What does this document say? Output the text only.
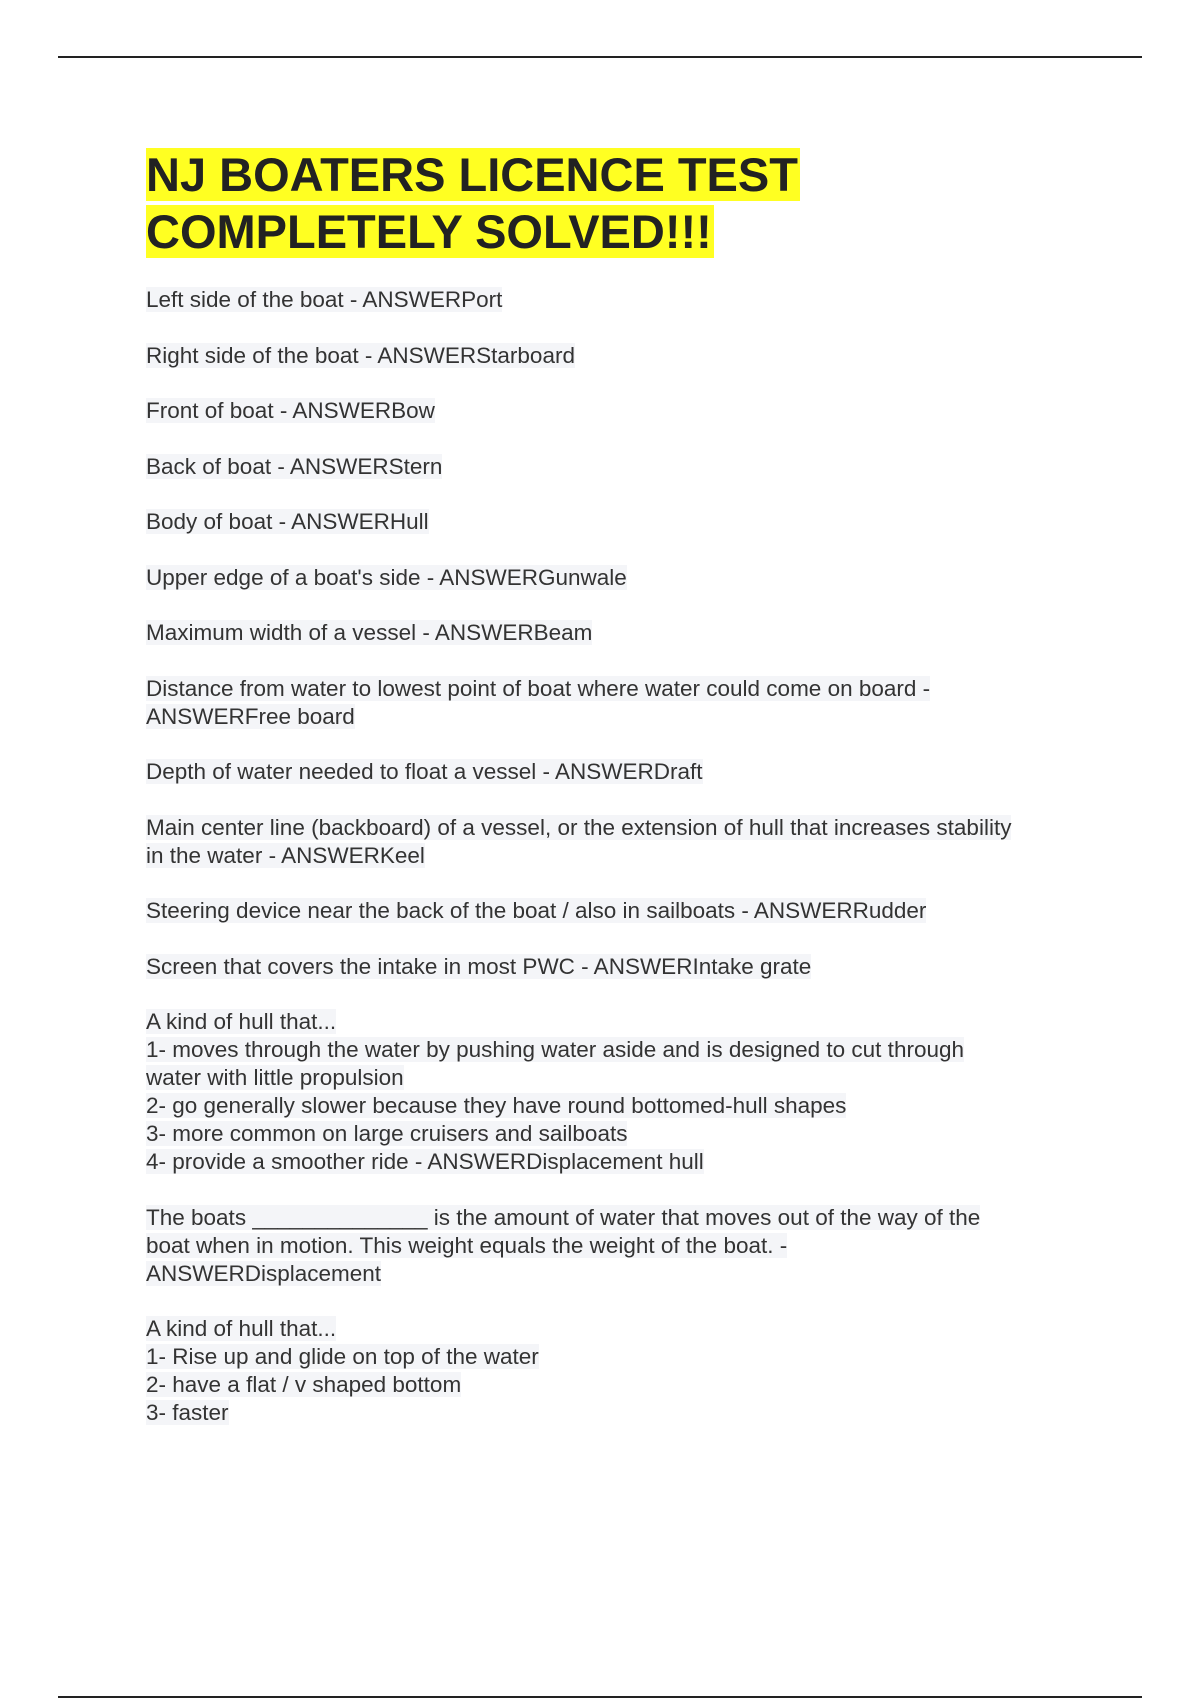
NJ BOATERS LICENCE TEST
COMPLETELY SOLVED!!!
Left side of the boat - ANSWERPort
Right side of the boat - ANSWERStarboard
Front of boat - ANSWERBow
Back of boat - ANSWERStern
Body of boat - ANSWERHull
Upper edge of a boat's side - ANSWERGunwale
Maximum width of a vessel - ANSWERBeam
Distance from water to lowest point of boat where water could come on board -
ANSWERFree board
Depth of water needed to float a vessel - ANSWERDraft
Main center line (backboard) of a vessel, or the extension of hull that increases stability
in the water - ANSWERKeel
Steering device near the back of the boat / also in sailboats - ANSWERRudder
Screen that covers the intake in most PWC - ANSWERIntake grate
A kind of hull that...
1- moves through the water by pushing water aside and is designed to cut through
water with little propulsion
2- go generally slower because they have round bottomed-hull shapes
3- more common on large cruisers and sailboats
4- provide a smoother ride - ANSWERDisplacement hull
The boats ______________ is the amount of water that moves out of the way of the
boat when in motion. This weight equals the weight of the boat. -
ANSWERDisplacement
A kind of hull that...
1- Rise up and glide on top of the water
2- have a flat / v shaped bottom
3- faster
